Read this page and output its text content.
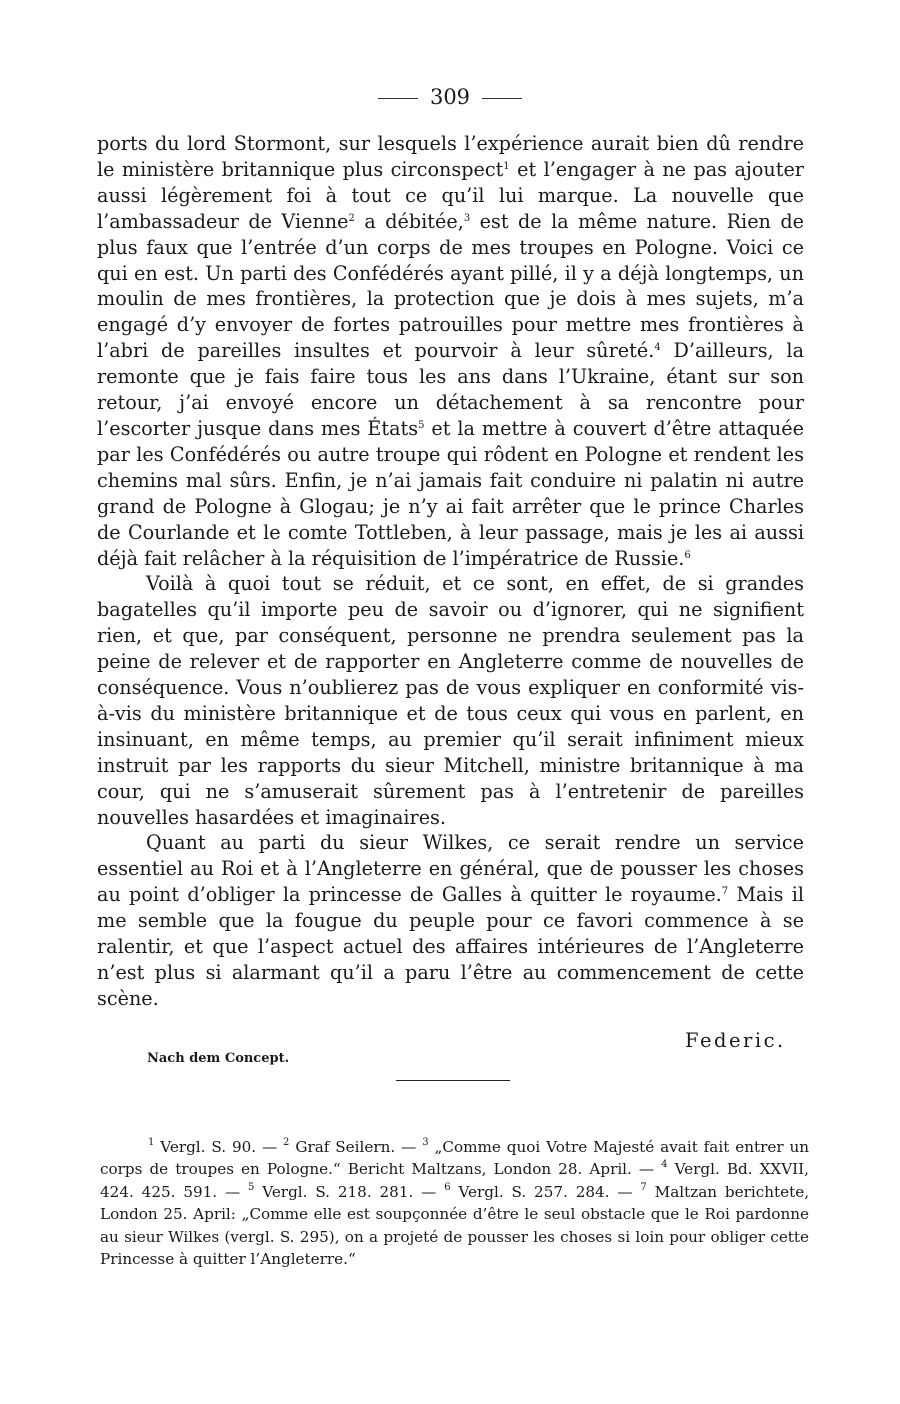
309

ports du lord Stormont, sur lesquels l’expérience aurait bien dû rendre le ministère britannique plus circonspect$^1$ et l’engager à ne pas ajouter aussi légèrement foi à tout ce qu’il lui marque. La nouvelle que l’ambassadeur de Vienne$^2$ a débitée,$^3$ est de la même nature. Rien de plus faux que l’entrée d’un corps de mes troupes en Pologne. Voici ce qui en est. Un parti des Confédérés ayant pillé, il y a déjà longtemps, un moulin de mes frontières, la protection que je dois à mes sujets, m’a engagé d’y envoyer de fortes patrouilles pour mettre mes frontières à l’abri de pareilles insultes et pourvoir à leur sûreté.$^4$ D’ailleurs, la remonte que je fais faire tous les ans dans l’Ukraine, étant sur son retour, j’ai envoyé encore un détachement à sa rencontre pour l’escorter jusque dans mes États$^5$ et la mettre à couvert d’être attaquée par les Confédérés ou autre troupe qui rôdent en Pologne et rendent les chemins mal sûrs. Enfin, je n’ai jamais fait conduire ni palatin ni autre grand de Pologne à Glogau; je n’y ai fait arrêter que le prince Charles de Courlande et le comte Tottleben, à leur passage, mais je les ai aussi déjà fait relâcher à la réquisition de l’impératrice de Russie.$^6$

Voilà à quoi tout se réduit, et ce sont, en effet, de si grandes bagatelles qu’il importe peu de savoir ou d’ignorer, qui ne signifient rien, et que, par conséquent, personne ne prendra seulement pas la peine de relever et de rapporter en Angleterre comme de nouvelles de conséquence. Vous n’oublierez pas de vous expliquer en conformité vis-à-vis du ministère britannique et de tous ceux qui vous en parlent, en insinuant, en même temps, au premier qu’il serait infiniment mieux instruit par les rapports du sieur Mitchell, ministre britannique à ma cour, qui ne s’amuserait sûrement pas à l’entretenir de pareilles nouvelles hasardées et imaginaires.

Quant au parti du sieur Wilkes, ce serait rendre un service essentiel au Roi et à l’Angleterre en général, que de pousser les choses au point d’obliger la princesse de Galles à quitter le royaume.$^7$ Mais il me semble que la fougue du peuple pour ce favori commence à se ralentir, et que l’aspect actuel des affaires intérieures de l’Angleterre n’est plus si alarmant qu’il a paru l’être au commencement de cette scène.

Federic.
Nach dem Concept.

$^1$ Vergl. S. 90. — $^2$ Graf Seilern. — $^3$ „Comme quoi Votre Majesté avait fait entrer un corps de troupes en Pologne.“ Bericht Maltzans, London 28. April. — $^4$ Vergl. Bd. XXVII, 424. 425. 591. — $^5$ Vergl. S. 218. 281. — $^6$ Vergl. S. 257. 284. — $^7$ Maltzan berichtete, London 25. April: „Comme elle est soupçonnée d’être le seul obstacle que le Roi pardonne au sieur Wilkes (vergl. S. 295), on a projeté de pousser les choses si loin pour obliger cette Princesse à quitter l’Angleterre.“
